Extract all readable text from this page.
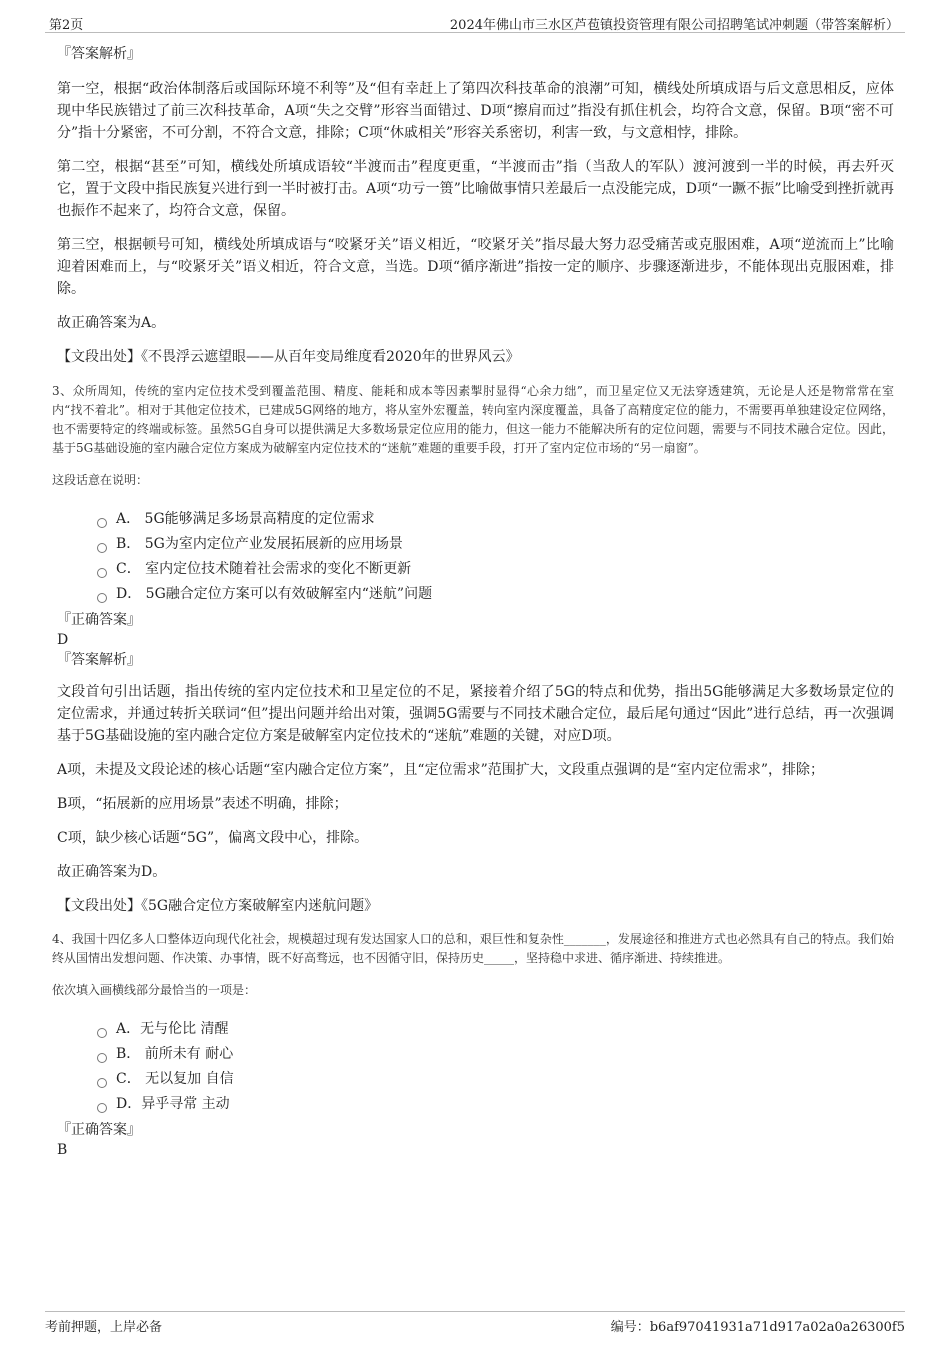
第2页	2024年佛山市三水区芦苞镇投资管理有限公司招聘笔试冲刺题（带答案解析）
『答案解析』

第一空，根据“政治体制落后或国际环境不利等”及“但有幸赶上了第四次科技革命的浪潮”可知，横线处所填成语与后文意思相反，应体现中华民族错过了前三次科技革命，A项“失之交臂”形容当面错过、D项“擦肩而过”指没有抓住机会，均符合文意，保留。B项“密不可分”指十分紧密，不可分割，不符合文意，排除；C项“休戚相关”形容关系密切，利害一致，与文意相悖，排除。

第二空，根据“甚至”可知，横线处所填成语较“半渡而击”程度更重，“半渡而击”指（当敌人的军队）渡河渡到一半的时候，再去歼灭它，置于文段中指民族复兴进行到一半时被打击。A项“功亏一篑”比喻做事情只差最后一点没能完成，D项“一蹶不振”比喻受到挫折就再也振作不起来了，均符合文意，保留。

第三空，根据顿号可知，横线处所填成语与“咬紧牙关”语义相近，“咬紧牙关”指尽最大努力忍受痛苦或克服困难，A项“逆流而上”比喻迎着困难而上，与“咬紧牙关”语义相近，符合文意，当选。D项“循序渐进”指按一定的顺序、步骤逐渐进步，不能体现出克服困难，排除。

故正确答案为A。

【文段出处】《不畏浮云遮望眼——从百年变局维度看2020年的世界风云》

3、众所周知，传统的室内定位技术受到覆盖范围、精度、能耗和成本等因素掣肘显得“心余力绌”，而卫星定位又无法穿透建筑，无论是人还是物常常在室内“找不着北”。相对于其他定位技术，已建成5G网络的地方，将从室外宏覆盖，转向室内深度覆盖，具备了高精度定位的能力，不需要再单独建设定位网络，也不需要特定的终端或标签。虽然5G自身可以提供满足大多数场景定位应用的能力，但这一能力不能解决所有的定位问题，需要与不同技术融合定位。因此，基于5G基础设施的室内融合定位方案成为破解室内定位技术的“迷航”难题的重要手段，打开了室内定位市场的“另一扇窗”。

这段话意在说明：

A． 5G能够满足多场景高精度的定位需求
B． 5G为室内定位产业发展拓展新的应用场景
C． 室内定位技术随着社会需求的变化不断更新
D． 5G融合定位方案可以有效破解室内“迷航”问题
『正确答案』
D
『答案解析』

文段首句引出话题，指出传统的室内定位技术和卫星定位的不足，紧接着介绍了5G的特点和优势，指出5G能够满足大多数场景定位的定位需求，并通过转折关联词“但”提出问题并给出对策，强调5G需要与不同技术融合定位，最后尾句通过“因此”进行总结，再一次强调基于5G基础设施的室内融合定位方案是破解室内定位技术的“迷航”难题的关键，对应D项。

A项，未提及文段论述的核心话题“室内融合定位方案”，且“定位需求”范围扩大，文段重点强调的是“室内定位需求”，排除；

B项，“拓展新的应用场景”表述不明确，排除；

C项，缺少核心话题“5G”，偏离文段中心，排除。

故正确答案为D。

【文段出处】《5G融合定位方案破解室内迷航问题》

4、我国十四亿多人口整体迈向现代化社会，规模超过现有发达国家人口的总和，艰巨性和复杂性_______，发展途径和推进方式也必然具有自己的特点。我们始终从国情出发想问题、作决策、办事情，既不好高骛远，也不因循守旧，保持历史_____，坚持稳中求进、循序渐进、持续推进。

依次填入画横线部分最恰当的一项是：

A．无与伦比 清醒
B． 前所未有 耐心
C． 无以复加 自信
D．异乎寻常 主动
『正确答案』
B
考前押题，上岸必备	编号：b6af97041931a71d917a02a0a26300f5
